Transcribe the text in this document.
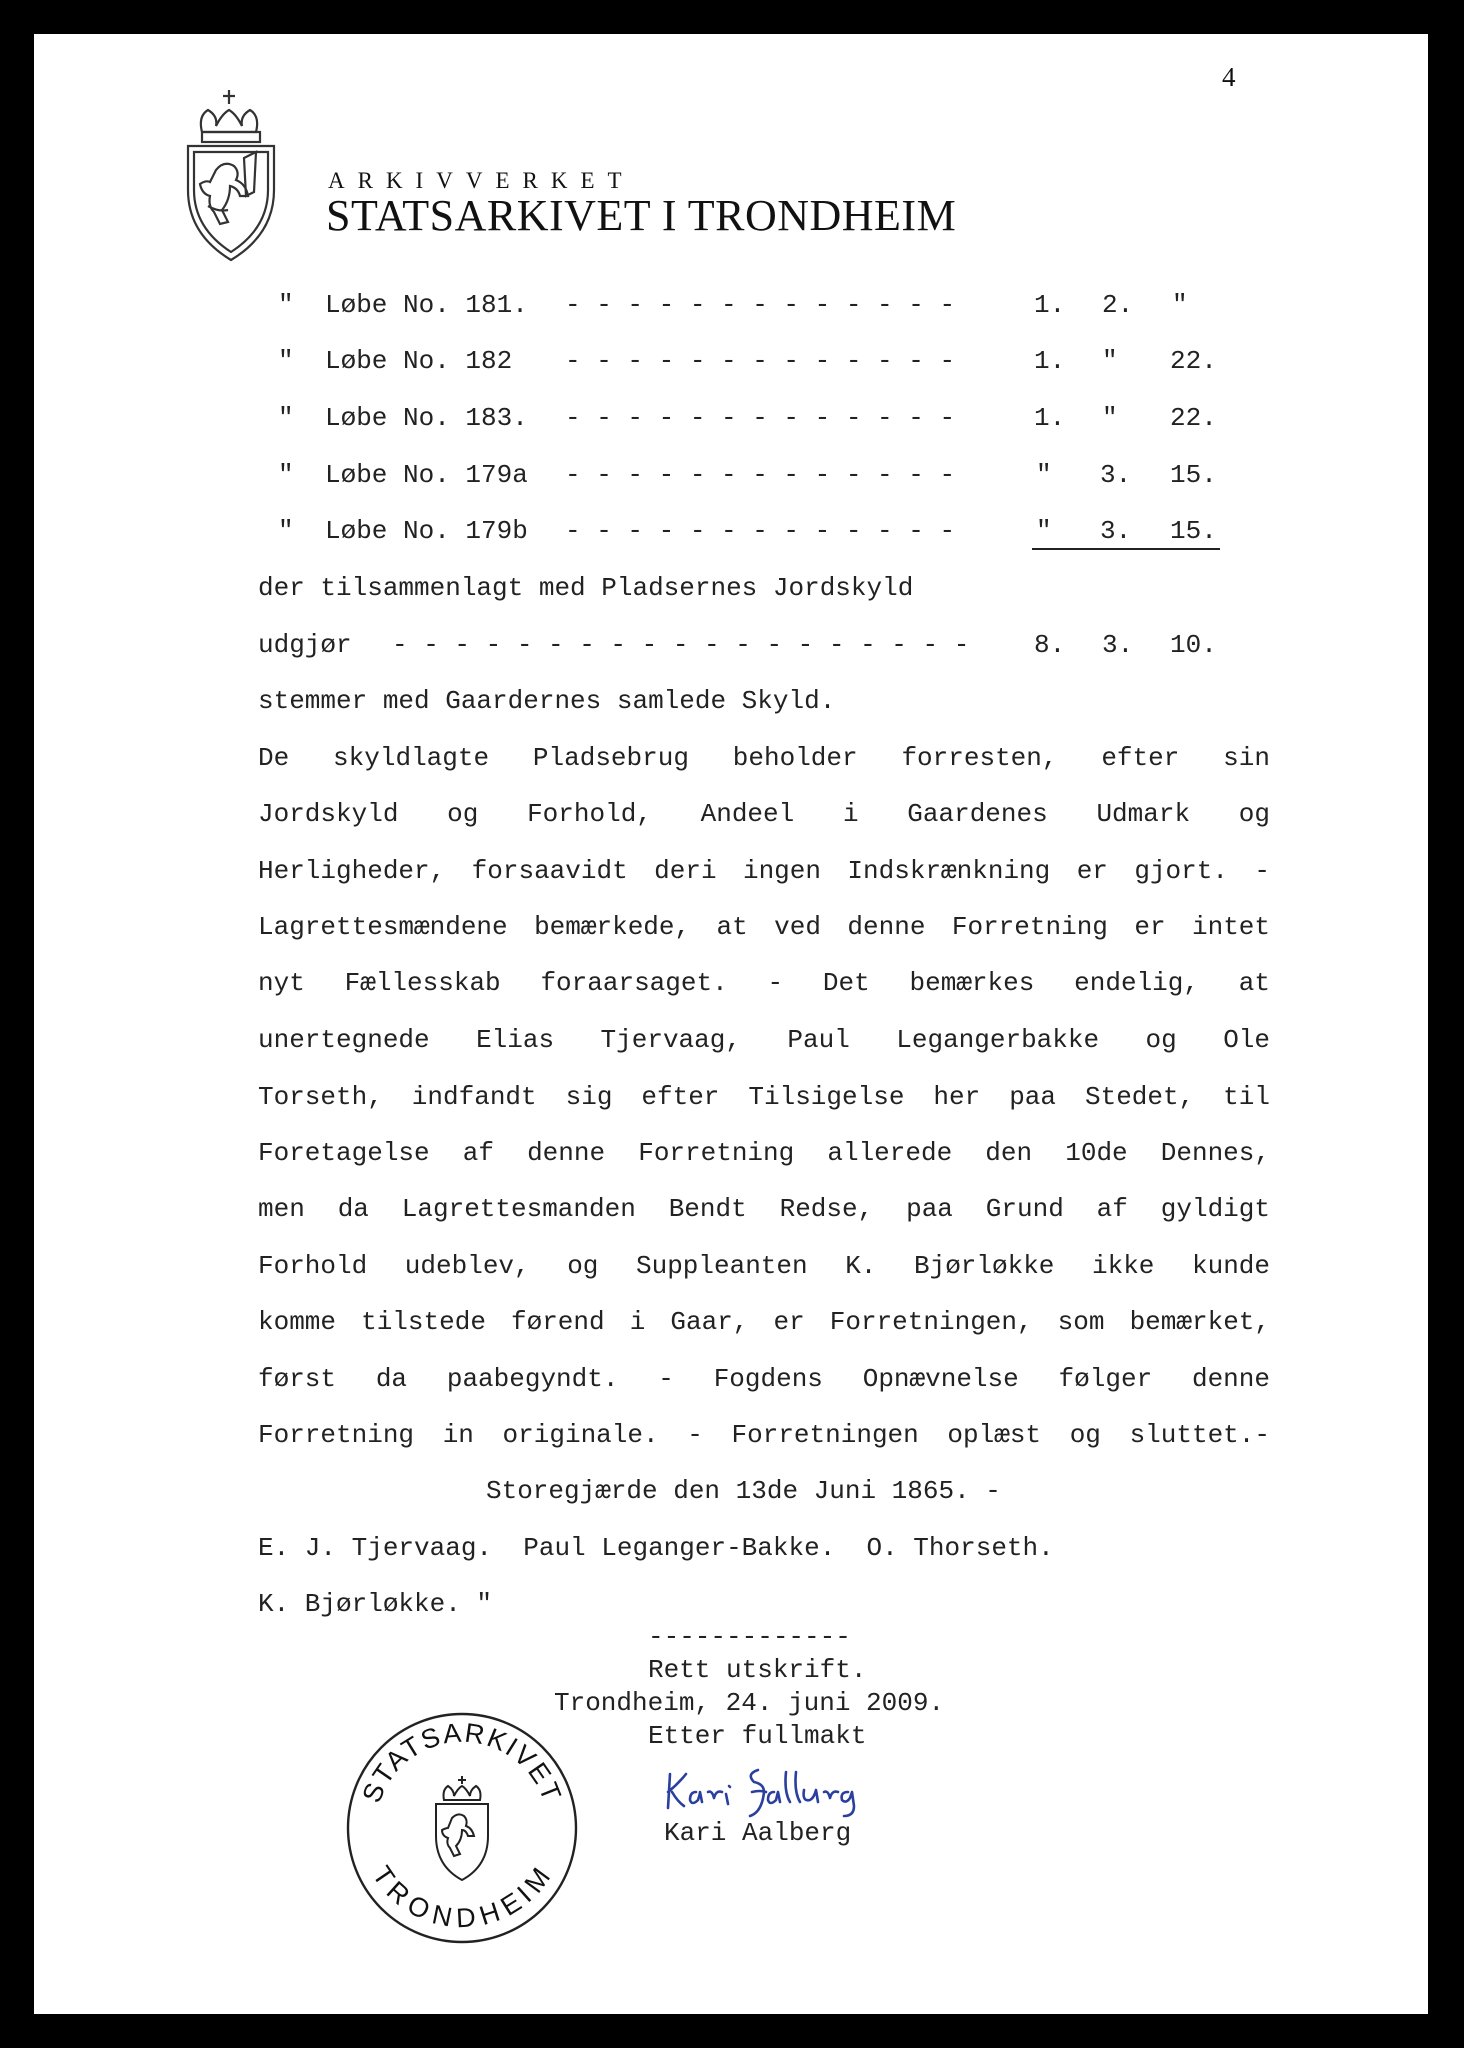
4
ARKIVVERKET
STATSARKIVET I TRONDHEIM
" Løbe No. 181. - - - - - - - - - - - - -	1. 2. "
" Løbe No. 182 - - - - - - - - - - - - -	1. " 22.
" Løbe No. 183. - - - - - - - - - - - - -	1. " 22.
" Løbe No. 179a - - - - - - - - - - - - -	" 3. 15.
" Løbe No. 179b - - - - - - - - - - - - -	" 3. 15.
der tilsammenlagt med Pladsernes Jordskyld
udgjør - - - - - - - - - - - - - - - - - - - 8. 3. 10.
stemmer med Gaardernes samlede Skyld.
De skyldlagte Pladsebrug beholder forresten, efter sin
Jordskyld og Forhold, Andeel i Gaardenes Udmark og
Herligheder, forsaavidt deri ingen Indskrænkning er gjort. -
Lagrettesmændene bemærkede, at ved denne Forretning er intet
nyt Fællesskab foraarsaget. - Det bemærkes endelig, at
unertegnede Elias Tjervaag, Paul Legangerbakke og Ole
Torseth, indfandt sig efter Tilsigelse her paa Stedet, til
Foretagelse af denne Forretning allerede den 10de Dennes,
men da Lagrettesmanden Bendt Redse, paa Grund af gyldigt
Forhold udeblev, og Suppleanten K. Bjørløkke ikke kunde
komme tilstede førend i Gaar, er Forretningen, som bemærket,
først da paabegyndt. - Fogdens Opnævnelse følger denne
Forretning in originale. - Forretningen oplæst og sluttet.-
Storegjærde den 13de Juni 1865. -
E. J. Tjervaag.  Paul Leganger-Bakke.  O. Thorseth.
K. Bjørløkke. "
-------------
Rett utskrift.
Trondheim, 24. juni 2009.
Etter fullmakt
Kari Aalberg
STATSARKIVET
TRONDHEIM
